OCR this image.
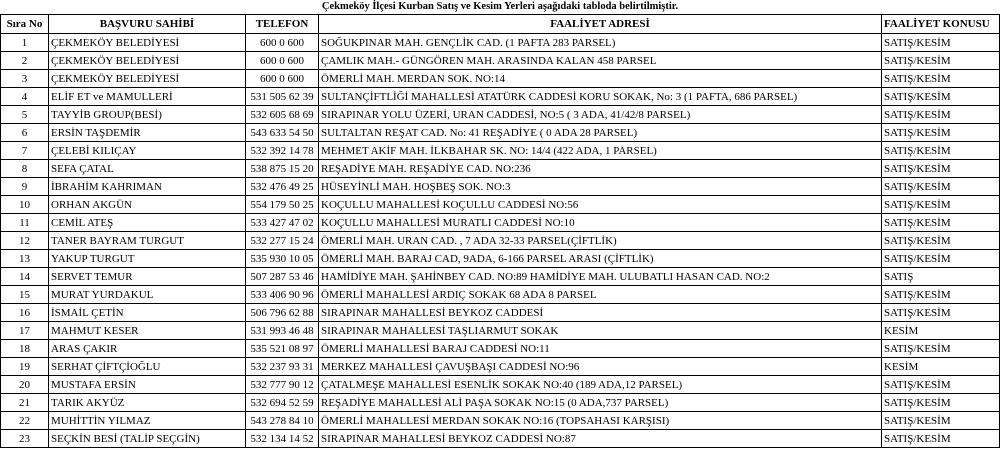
Çekmeköy İlçesi Kurban Satış ve Kesim Yerleri aşağıdaki tabloda belirtilmiştir.
Sıra No	BAŞVURU SAHİBİ	TELEFON	FAALİYET ADRESİ	FAALİYET KONUSU
1	ÇEKMEKÖY BELEDİYESİ	600 0 600	SOĞUKPINAR MAH. GENÇLİK CAD. (1 PAFTA 283 PARSEL)	SATIŞ/KESİM
2	ÇEKMEKÖY BELEDİYESİ	600 0 600	ÇAMLIK MAH.- GÜNGÖREN MAH. ARASINDA KALAN 458 PARSEL	SATIŞ/KESİM
3	ÇEKMEKÖY BELEDİYESİ	600 0 600	ÖMERLİ MAH. MERDAN SOK. NO:14	SATIŞ/KESİM
4	ELİF ET ve MAMULLERİ	531 505 62 39	SULTANÇİFTLİĞİ MAHALLESİ ATATÜRK CADDESİ KORU SOKAK, No: 3 (1 PAFTA, 686 PARSEL)	SATIŞ/KESİM
5	TAYYİB GROUP(BESİ)	532 605 68 69	SIRAPINAR YOLU ÜZERİ, URAN CADDESİ, NO:5 ( 3 ADA, 41/42/8 PARSEL)	SATIŞ/KESİM
6	ERSİN TAŞDEMİR	543 633 54 50	SULTALTAN REŞAT CAD. No: 41 REŞADİYE ( 0 ADA 28 PARSEL)	SATIŞ/KESİM
7	ÇELEBİ KILIÇAY	532 392 14 78	MEHMET AKİF MAH. İLKBAHAR SK. NO: 14/4 (422 ADA, 1 PARSEL)	SATIŞ/KESİM
8	SEFA ÇATAL	538 875 15 20	REŞADİYE MAH. REŞADİYE CAD. NO:236	SATIŞ/KESİM
9	İBRAHİM KAHRIMAN	532 476 49 25	HÜSEYİNLİ MAH. HOŞBEŞ SOK. NO:3	SATIŞ/KESİM
10	ORHAN AKGÜN	554 179 50 25	KOÇULLU MAHALLESİ KOÇULLU CADDESİ NO:56	SATIŞ/KESİM
11	CEMİL ATEŞ	533 427 47 02	KOÇULLU MAHALLESİ MURATLI CADDESİ NO:10	SATIŞ/KESİM
12	TANER BAYRAM TURGUT	532 277 15 24	ÖMERLİ MAH. URAN CAD. , 7 ADA 32-33 PARSEL(ÇİFTLİK)	SATIŞ/KESİM
13	YAKUP TURGUT	535 930 10 05	ÖMERLİ MAH. BARAJ CAD, 9ADA, 6-166 PARSEL ARASI (ÇİFTLİK)	SATIŞ/KESİM
14	SERVET TEMUR	507 287 53 46	HAMİDİYE MAH. ŞAHİNBEY CAD. NO:89 HAMİDİYE MAH. ULUBATLI HASAN CAD. NO:2	SATIŞ
15	MURAT YURDAKUL	533 406 90 96	ÖMERLİ MAHALLESİ ARDIÇ SOKAK 68 ADA 8 PARSEL	SATIŞ/KESİM
16	İSMAİL ÇETİN	506 796 62 88	SIRAPINAR MAHALLESİ BEYKOZ CADDESİ	SATIŞ/KESİM
17	MAHMUT KESER	531 993 46 48	SIRAPINAR MAHALLESİ TAŞLIARMUT SOKAK	KESİM
18	ARAS ÇAKIR	535 521 08 97	ÖMERLİ MAHALLESİ BARAJ CADDESİ NO:11	SATIŞ/KESİM
19	SERHAT ÇİFTÇİOĞLU	532 237 93 31	MERKEZ MAHALLESİ ÇAVUŞBAŞI CADDESİ NO:96	KESİM
20	MUSTAFA ERSİN	532 777 90 12	ÇATALMEŞE MAHALLESİ ESENLİK SOKAK NO:40 (189 ADA,12 PARSEL)	SATIŞ/KESİM
21	TARIK AKYÜZ	532 694 52 59	REŞADİYE MAHALLESİ ALİ PAŞA SOKAK NO:15 (0 ADA,737 PARSEL)	SATIŞ/KESİM
22	MUHİTTİN YILMAZ	543 278 84 10	ÖMERLİ MAHALLESİ MERDAN SOKAK NO:16 (TOPSAHASI KARŞISI)	SATIŞ/KESİM
23	SEÇKİN BESİ (TALİP SEÇGİN)	532 134 14 52	SIRAPINAR MAHALLESİ BEYKOZ CADDESİ NO:87	SATIŞ/KESİM
